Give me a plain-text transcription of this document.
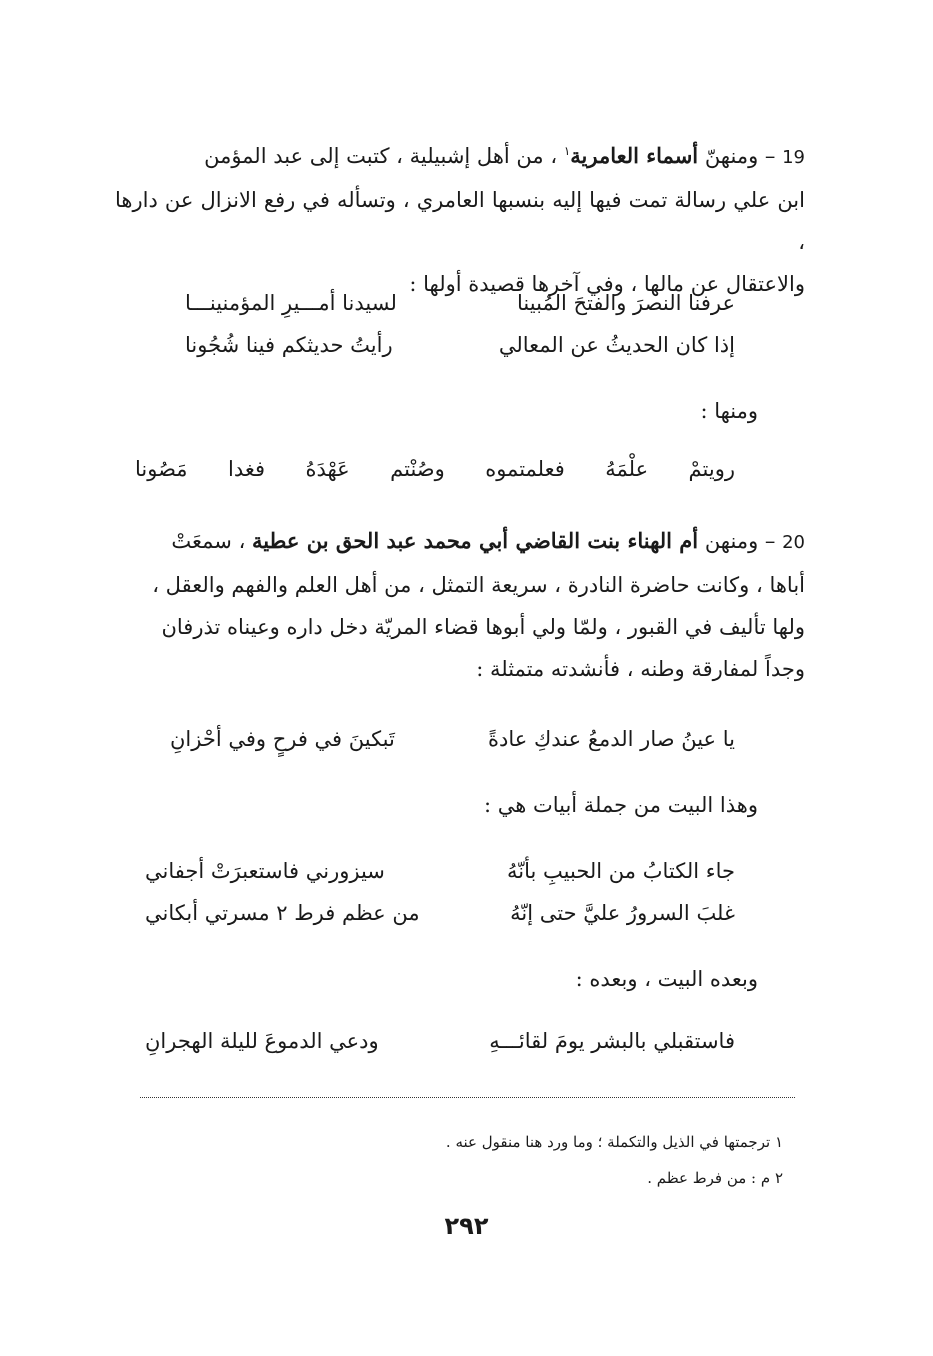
19 – ومنهنّ أسماء العامرية$^١$ ، من أهل إشبيلية ، كتبت إلى عبد المؤمن
ابن علي رسالة تمت فيها إليه بنسبها العامري ، وتسأله في رفع الانزال عن دارها ،
والاعتقال عن مالها ، وفي آخرها قصيدة أولها :
عرفنا النصرَ والفتحَ المُبينا
لسيدنا أمـــيرِ المؤمنينـــا
إذا كان الحديثُ عن المعالي
رأيتُ حديثكم فينا شُجُونا
ومنها :
رويتمْ علْمَهُ فعلمتموه وصُنْتم عَهْدَهُ فغدا مَصُونا
20 – ومنهن أم الهناء بنت القاضي أبي محمد عبد الحق بن عطية ، سمعَتْ
أباها ، وكانت حاضرة النادرة ، سريعة التمثل ، من أهل العلم والفهم والعقل ،
ولها تأليف في القبور ، ولمّا ولي أبوها قضاء المريّة دخل داره وعيناه تذرفان
وجداً لمفارقة وطنه ، فأنشدته متمثلة :
يا عينُ صار الدمعُ عندكِ عادةً
تَبكينَ في فرحٍ وفي أحْزانِ
وهذا البيت من جملة أبيات هي :
جاء الكتابُ من الحبيبِ بأنّهُ
سيزورني فاستعبرَتْ أجفاني
غلبَ السرورُ عليَّ حتى إنّهُ
من عظم فرط ٢ مسرتي أبكاني
وبعده البيت ، وبعده :
فاستقبلي بالبشر يومَ لقائـــهِ
ودعي الدموعَ لليلة الهجرانِ
١ ترجمتها في الذيل والتكملة ؛ وما ورد هنا منقول عنه .
٢ م : من فرط عظم .
٢٩٢
